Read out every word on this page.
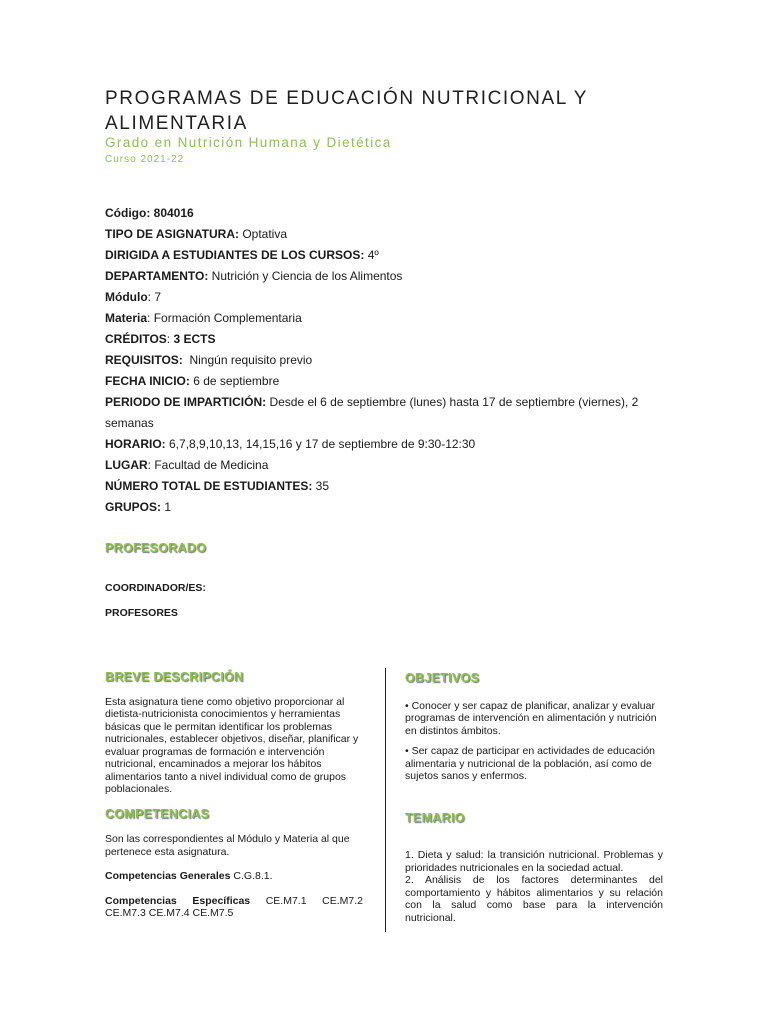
PROGRAMAS DE EDUCACIÓN NUTRICIONAL Y ALIMENTARIA
Grado en Nutrición Humana y Dietética
Curso 2021-22
Código: 804016
TIPO DE ASIGNATURA: Optativa
DIRIGIDA A ESTUDIANTES DE LOS CURSOS: 4º
DEPARTAMENTO: Nutrición y Ciencia de los Alimentos
Módulo: 7
Materia: Formación Complementaria
CRÉDITOS: 3 ECTS
REQUISITOS:  Ningún requisito previo
FECHA INICIO: 6 de septiembre
PERIODO DE IMPARTICIÓN: Desde el 6 de septiembre (lunes) hasta 17 de septiembre (viernes), 2 semanas
HORARIO: 6,7,8,9,10,13, 14,15,16 y 17 de septiembre de 9:30-12:30
LUGAR: Facultad de Medicina
NÚMERO TOTAL DE ESTUDIANTES: 35
GRUPOS: 1
PROFESORADO
COORDINADOR/ES:
PROFESORES
BREVE DESCRIPCIÓN

Esta asignatura tiene como objetivo proporcionar al dietista-nutricionista conocimientos y herramientas básicas que le permitan identificar los problemas nutricionales, establecer objetivos, diseñar, planificar y evaluar programas de formación e intervención nutricional, encaminados a mejorar los hábitos alimentarios tanto a nivel individual como de grupos poblacionales.

COMPETENCIAS

Son las correspondientes al Módulo y Materia al que pertenece esta asignatura.

Competencias Generales C.G.8.1.

Competencias Específicas CE.M7.1 CE.M7.2 CE.M7.3 CE.M7.4 CE.M7.5

OBJETIVOS

• Conocer y ser capaz de planificar, analizar y evaluar programas de intervención en alimentación y nutrición en distintos ámbitos.

• Ser capaz de participar en actividades de educación alimentaria y nutricional de la población, así como de sujetos sanos y enfermos.

TEMARIO

1. Dieta y salud: la transición nutricional. Problemas y prioridades nutricionales en la sociedad actual.

2. Análisis de los factores determinantes del comportamiento y hábitos alimentarios y su relación con la salud como base para la intervención nutricional.
